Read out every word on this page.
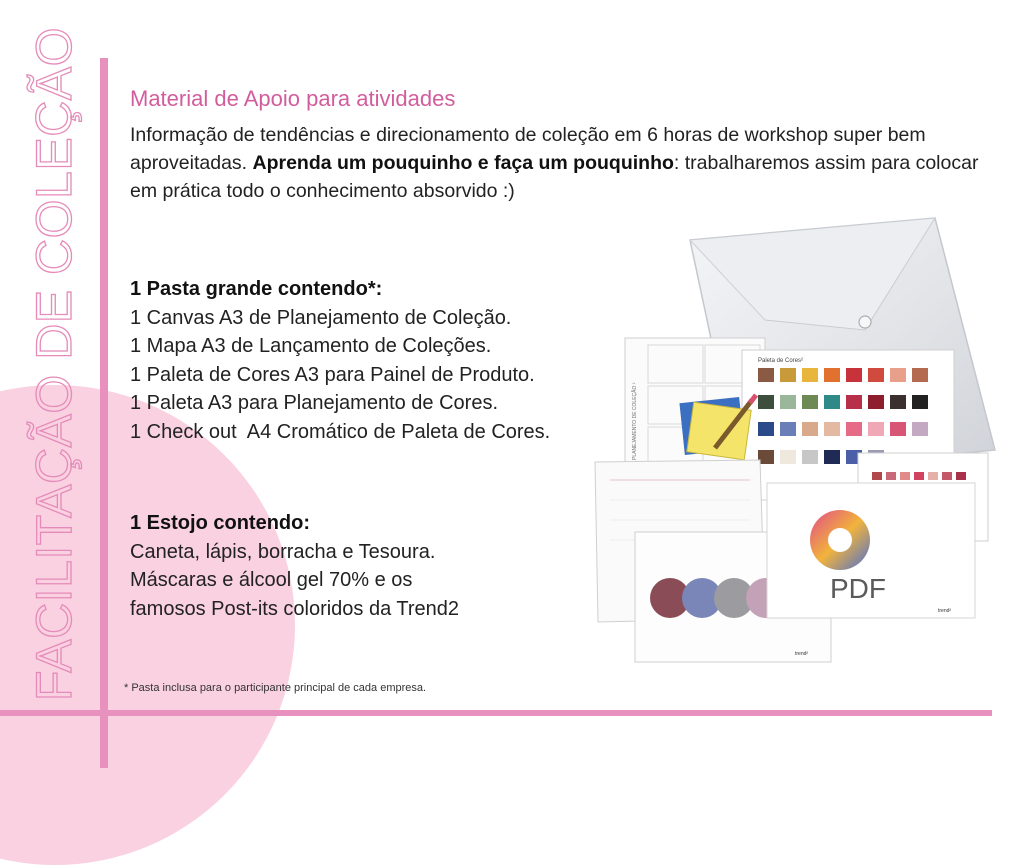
FACILITAÇÃO DE COLEÇÃO Material de Apoio para atividades
Informação de tendências e direcionamento de coleção em 6 horas de workshop super bem aproveitadas. Aprenda um pouquinho e faça um pouquinho: trabalharemos assim para colocar em prática todo o conhecimento absorvido :)
1 Pasta grande contendo*:
1 Canvas A3 de Planejamento de Coleção.
1 Mapa A3 de Lançamento de Coleções.
1 Paleta de Cores A3 para Painel de Produto.
1 Paleta A3 para Planejamento de Cores.
1 Check out  A4 Cromático de Paleta de Cores.
1 Estojo contendo:
Caneta, lápis, borracha e Tesoura.
Máscaras e álcool gel 70% e os
famosos Post-its coloridos da Trend2
* Pasta inclusa para o participante principal de cada empresa.
PLANEJAMENTO DE COLEÇÃO ²
Paleta de Cores²
trend²
PDF
trend²
